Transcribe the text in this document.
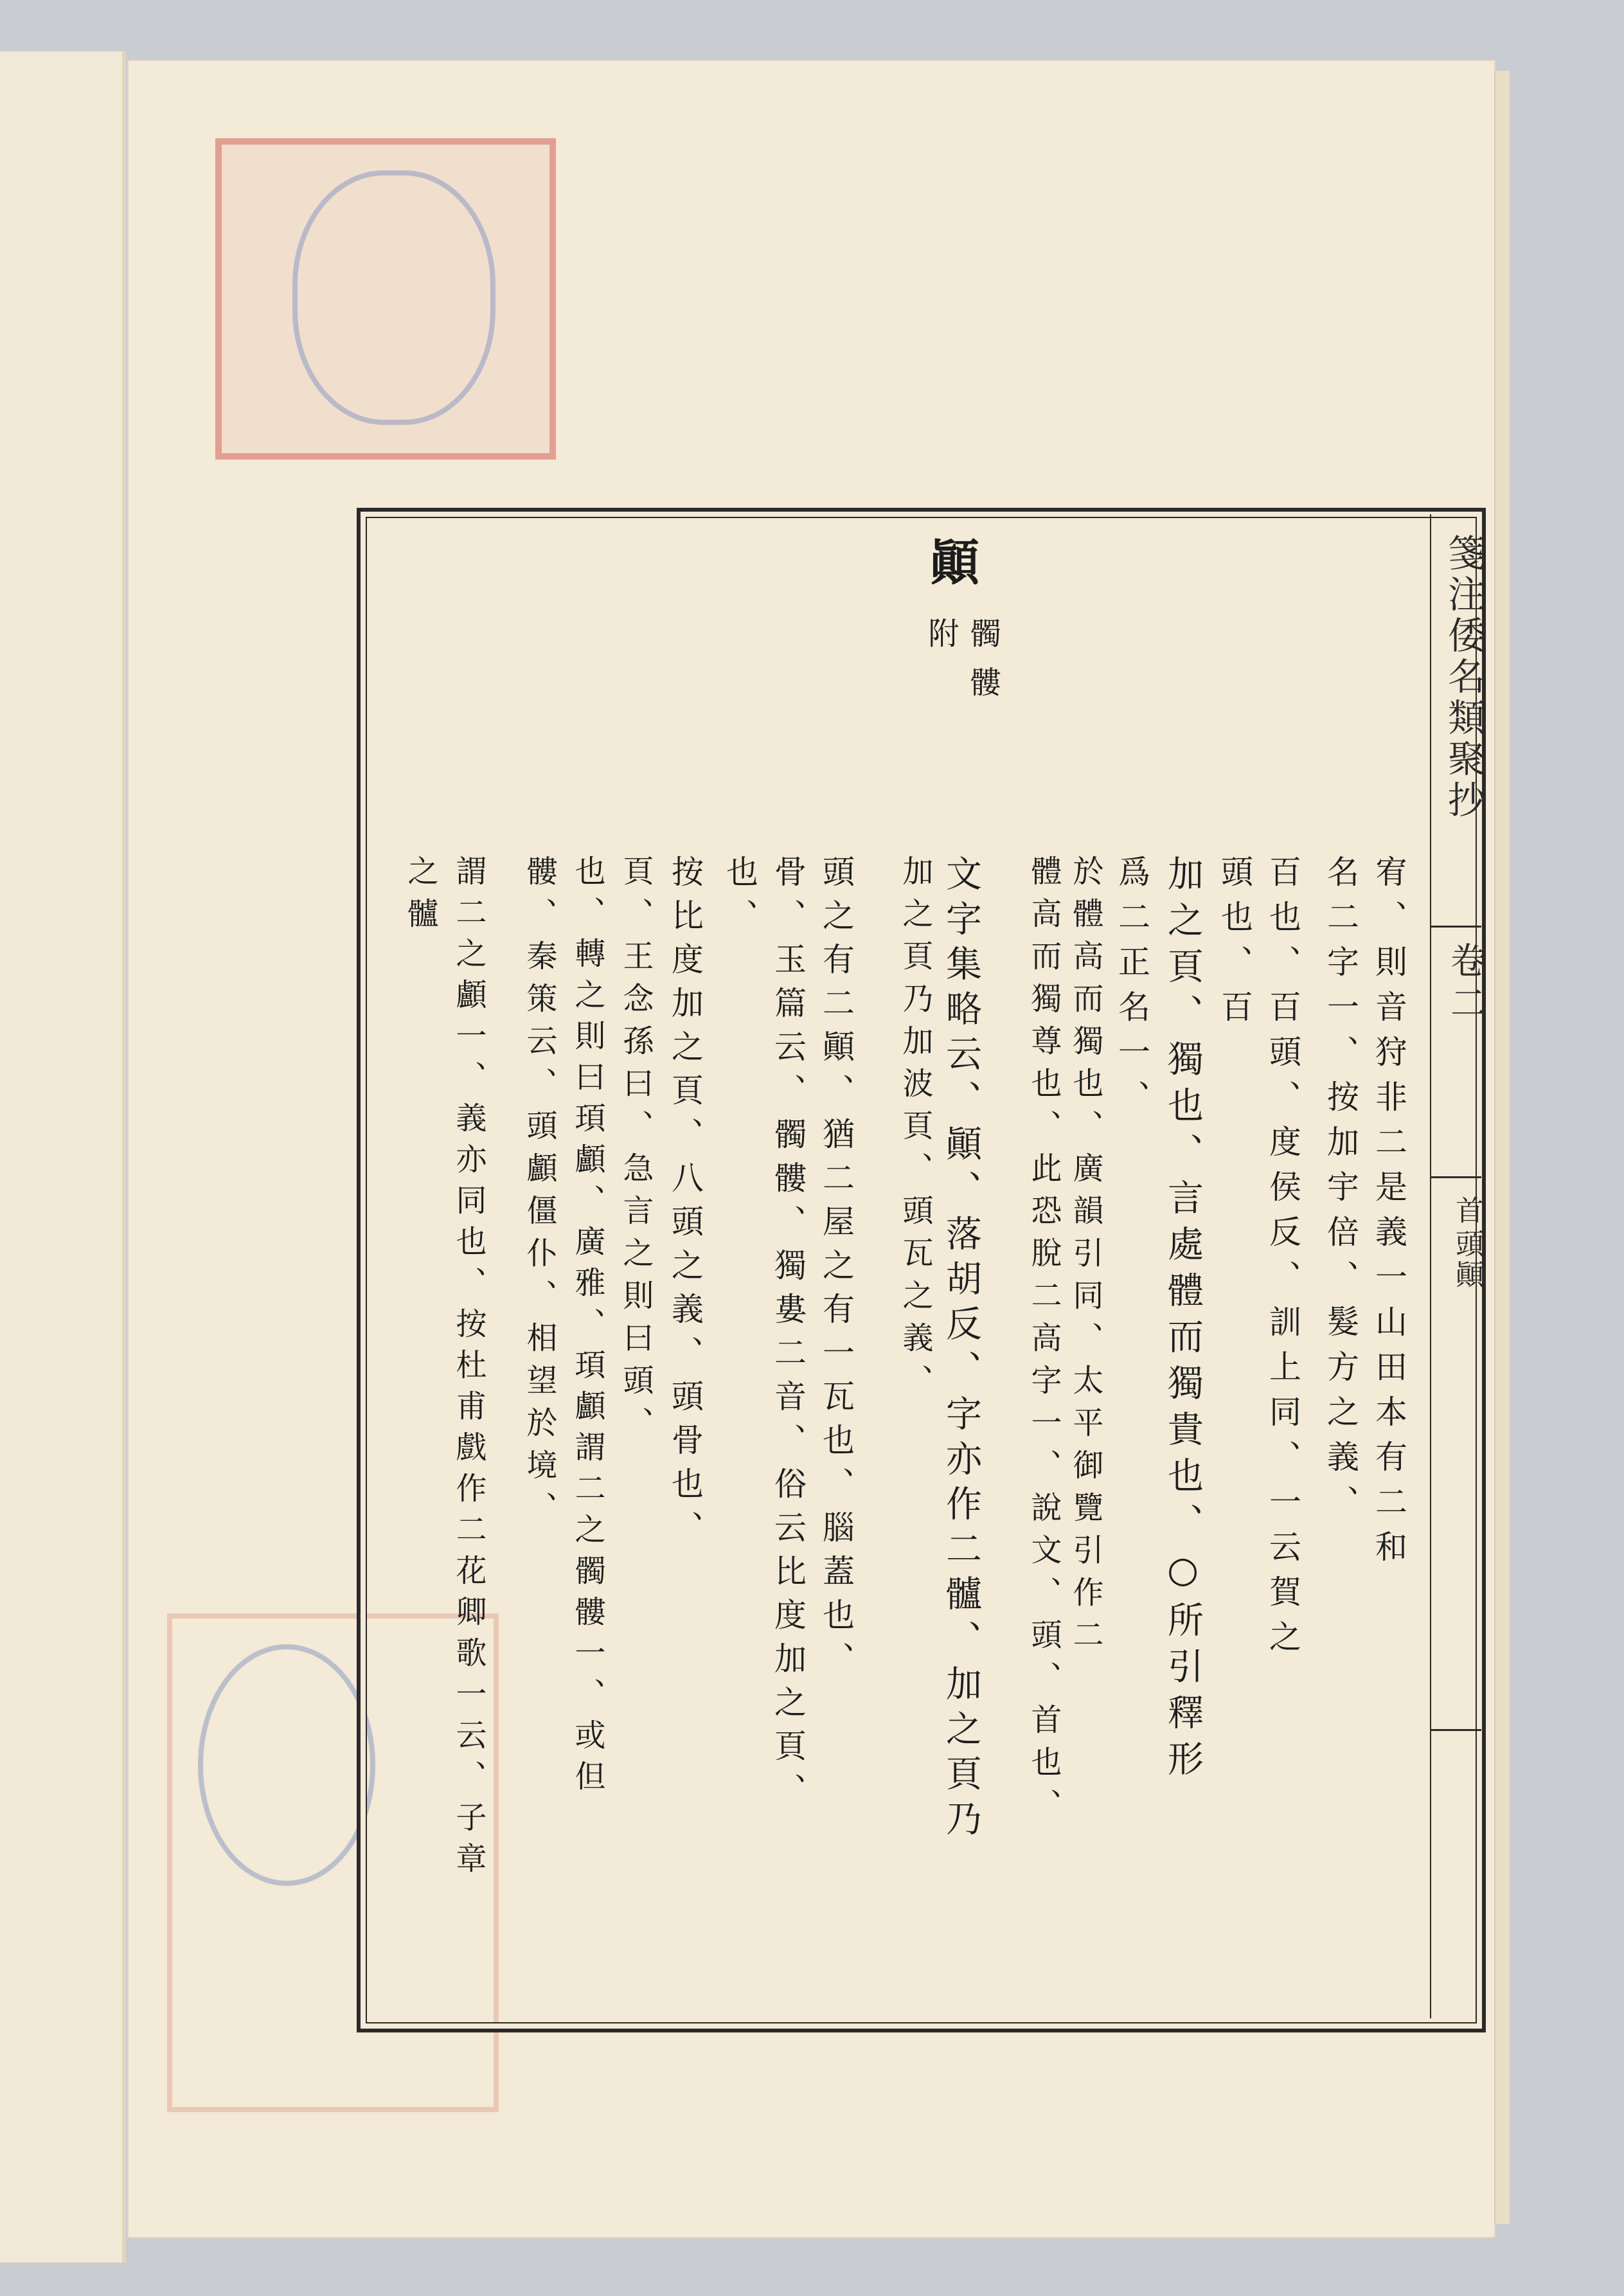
箋注倭名類聚抄
卷二
首頭
顚
顚
附 髑髏
宥、則音狩非二是義一山田本有二和
名二字一、按加宇倍、髮方之義、
百也、百頭、度侯反、訓上同、一云賀之
頭也、百
加之頁、獨也、言處體而獨貴也、○所引釋形
爲二正名一、
於體高而獨也、廣韻引同、太平御覽引作二
體高而獨尊也、此恐脫二高字一、說文、頭、首也、
文字集略云、顚、落胡反、字亦作二髗、加之頁乃
加之頁乃加波頁、頭瓦之義、
頭之有二顚、猶二屋之有一瓦也、腦蓋也、
骨、玉篇云、髑髏、獨婁二音、俗云比度加之頁、
也、
按比度加之頁、八頭之義、頭骨也、
頁、王念孫曰、急言之則曰頭、
也、轉之則曰頊顱、廣雅、頊顱謂二之髑髏一、或但
髏、秦策云、頭顱僵仆、相望於境、
謂二之顱一、義亦同也、按杜甫戲作二花卿歌一云、子章
之髗
